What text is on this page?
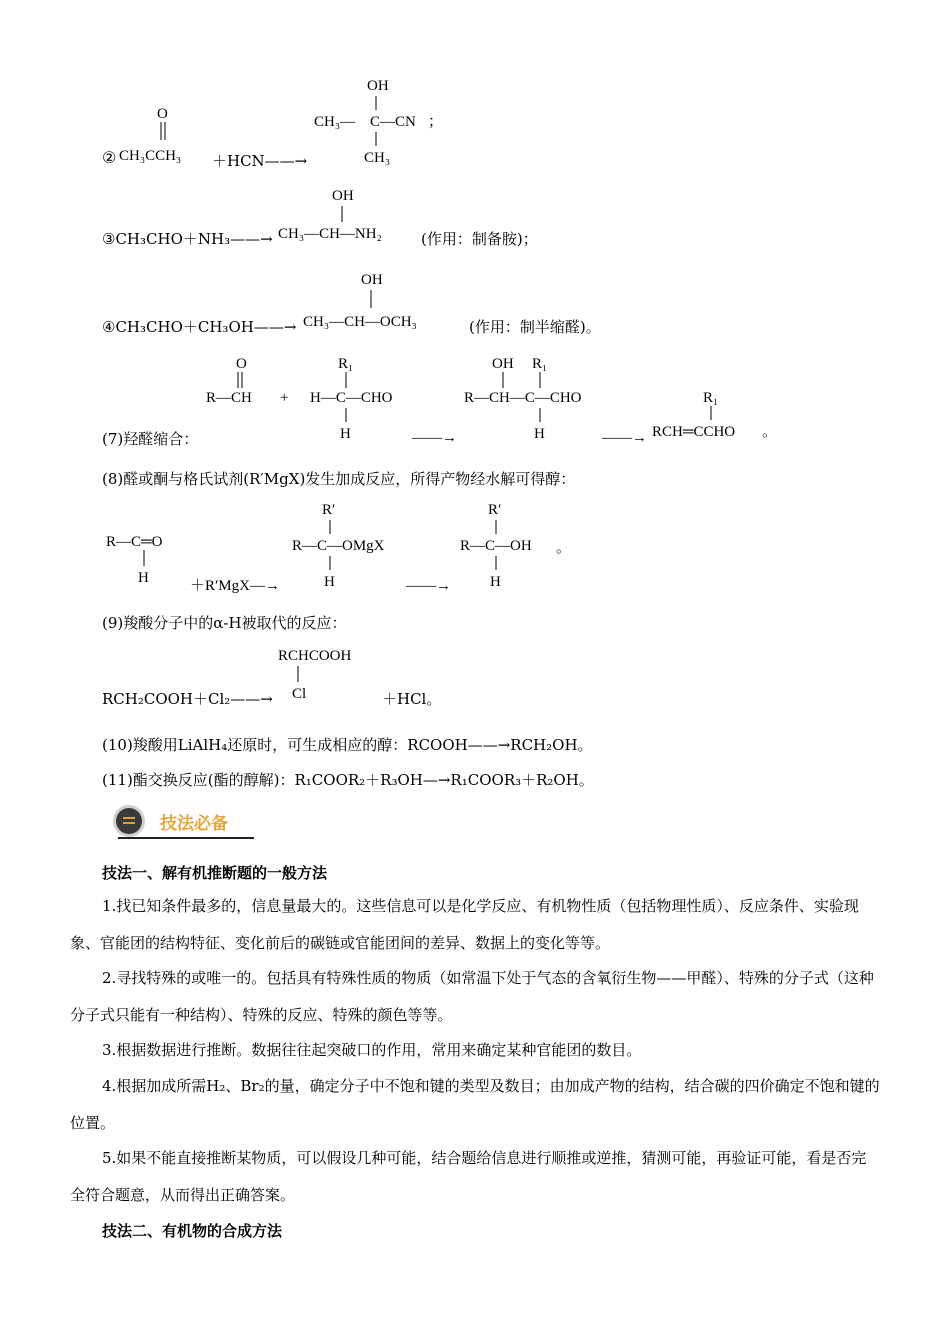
②
O
CH₃CCH₃ ＋HCN——→
OH
CH₃— C —CN
CH₃
；
③CH₃CHO＋NH₃——→
OH
CH₃—CH—NH₂	(作用：制备胺)；
④CH₃CHO＋CH₃OH——→
OH
CH₃—CH—OCH₃	(作用：制半缩醛)。
(7)羟醛缩合：
O
R—CH +
R₁
H—C—CHO
H	——→
OH R₁
R—CH—C—CHO
H	——→
R₁
RCH═CCHO 。
(8)醛或酮与格氏试剂(R′MgX)发生加成反应，所得产物经水解可得醇：
R—C═O
H	＋R′MgX—→
R′
R—C—OMgX
H	——→
R′
R—C—OH
H
。
(9)羧酸分子中的α-H被取代的反应：
RCH₂COOH＋Cl₂——→
RCHCOOH
Cl	＋HCl。
(10)羧酸用LiAlH₄还原时，可生成相应的醇：RCOOH——→RCH₂OH。
(11)酯交换反应(酯的醇解)：R₁COOR₂＋R₃OH—→R₁COOR₃＋R₂OH。
技法必备
技法一、解有机推断题的一般方法
1.找已知条件最多的，信息量最大的。这些信息可以是化学反应、有机物性质（包括物理性质）、反应条件、实验现象、官能团的结构特征、变化前后的碳链或官能团间的差异、数据上的变化等等。
2.寻找特殊的或唯一的。包括具有特殊性质的物质（如常温下处于气态的含氧衍生物——甲醛）、特殊的分子式（这种分子式只能有一种结构）、特殊的反应、特殊的颜色等等。
3.根据数据进行推断。数据往往起突破口的作用，常用来确定某种官能团的数目。
4.根据加成所需H₂、Br₂的量，确定分子中不饱和键的类型及数目；由加成产物的结构，结合碳的四价确定不饱和键的位置。
5.如果不能直接推断某物质，可以假设几种可能，结合题给信息进行顺推或逆推，猜测可能，再验证可能，看是否完全符合题意，从而得出正确答案。
技法二、有机物的合成方法
